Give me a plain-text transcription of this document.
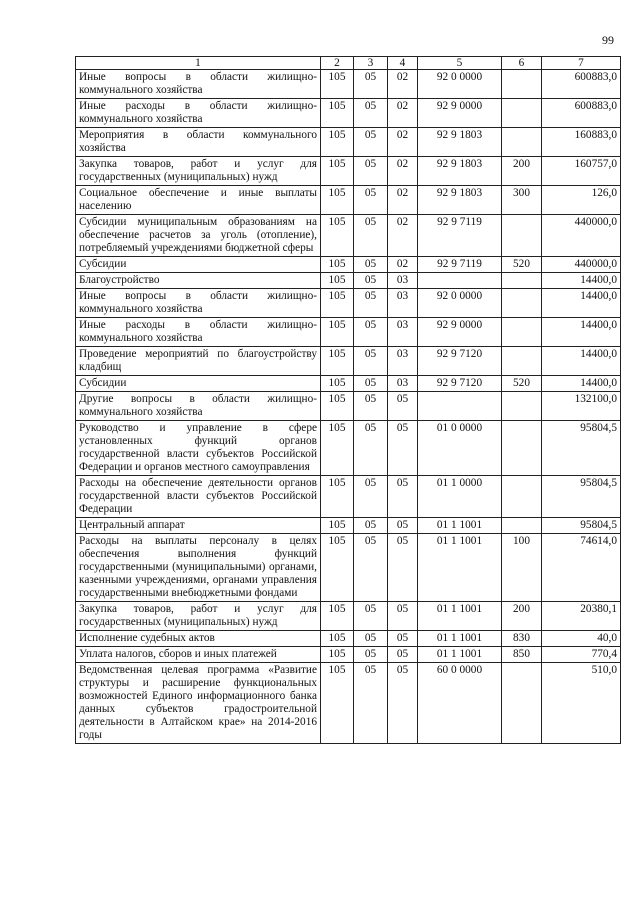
99
1	2	3	4	5	6	7
Иные вопросы в области жилищно-коммунального хозяйства	105	05	02	92 0 0000		600883,0
Иные расходы в области жилищно-коммунального хозяйства	105	05	02	92 9 0000		600883,0
Мероприятия в области коммунального хозяйства	105	05	02	92 9 1803		160883,0
Закупка товаров, работ и услуг для государственных (муниципальных) нужд	105	05	02	92 9 1803	200	160757,0
Социальное обеспечение и иные выплаты населению	105	05	02	92 9 1803	300	126,0
Субсидии муниципальным образованиям на обеспечение расчетов за уголь (отопление), потребляемый учреждениями бюджетной сферы	105	05	02	92 9 7119		440000,0
Субсидии	105	05	02	92 9 7119	520	440000,0
Благоустройство	105	05	03			14400,0
Иные вопросы в области жилищно-коммунального хозяйства	105	05	03	92 0 0000		14400,0
Иные расходы в области жилищно-коммунального хозяйства	105	05	03	92 9 0000		14400,0
Проведение мероприятий по благоустройству кладбищ	105	05	03	92 9 7120		14400,0
Субсидии	105	05	03	92 9 7120	520	14400,0
Другие вопросы в области жилищно-коммунального хозяйства	105	05	05			132100,0
Руководство и управление в сфере установленных функций органов государственной власти субъектов Российской Федерации и органов местного самоуправления	105	05	05	01 0 0000		95804,5
Расходы на обеспечение деятельности органов государственной власти субъектов Российской Федерации	105	05	05	01 1 0000		95804,5
Центральный аппарат	105	05	05	01 1 1001		95804,5
Расходы на выплаты персоналу в целях обеспечения выполнения функций государственными (муниципальными) органами, казенными учреждениями, органами управления государственными внебюджетными фондами	105	05	05	01 1 1001	100	74614,0
Закупка товаров, работ и услуг для государственных (муниципальных) нужд	105	05	05	01 1 1001	200	20380,1
Исполнение судебных актов	105	05	05	01 1 1001	830	40,0
Уплата налогов, сборов и иных платежей	105	05	05	01 1 1001	850	770,4
Ведомственная целевая программа «Развитие структуры и расширение функциональных возможностей Единого информационного банка данных субъектов градостроительной деятельности в Алтайском крае» на 2014-2016 годы	105	05	05	60 0 0000		510,0
